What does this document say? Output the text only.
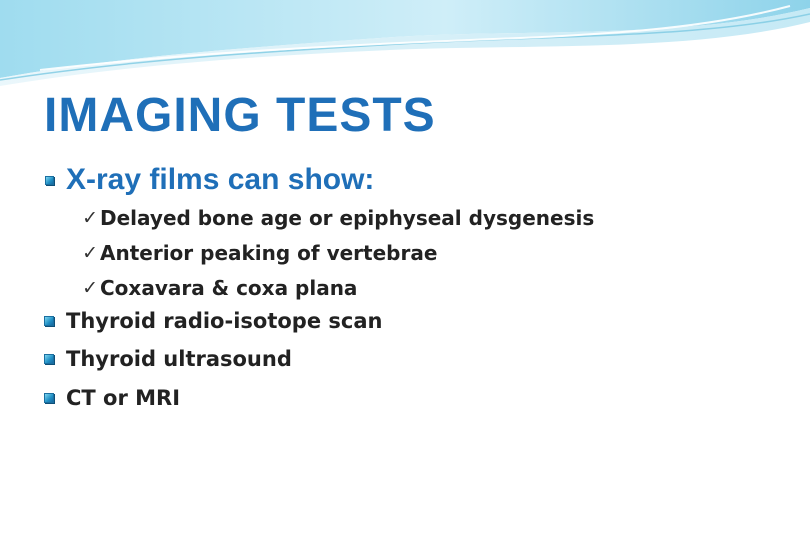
IMAGING TESTS
X-ray films can show:
✓ Delayed bone age or epiphyseal dysgenesis
✓ Anterior peaking of vertebrae
✓ Coxavara & coxa plana
Thyroid radio-isotope scan
Thyroid ultrasound
CT or MRI
